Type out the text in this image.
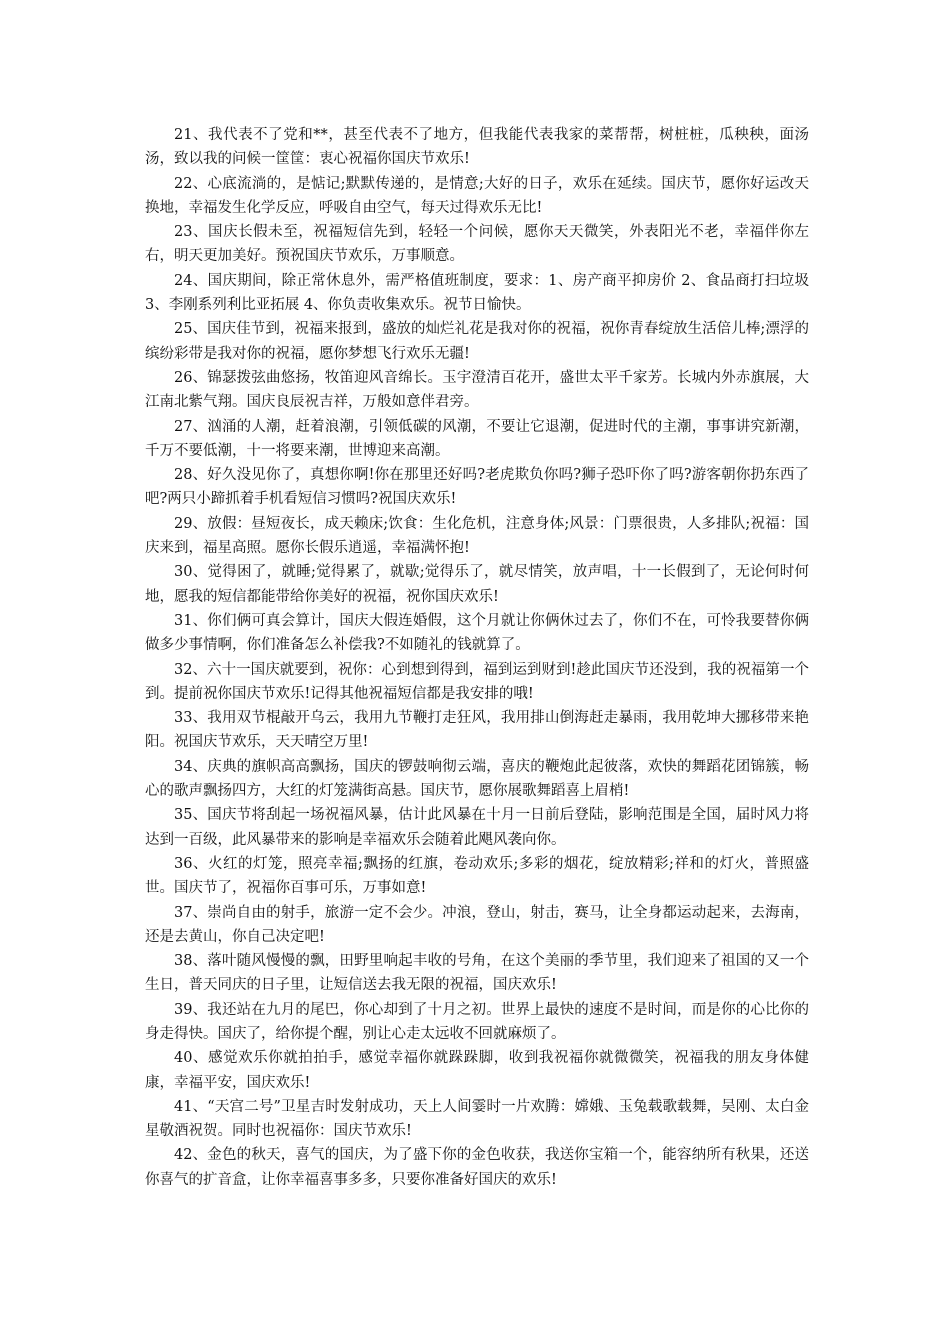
21、我代表不了党和**，甚至代表不了地方，但我能代表我家的菜帮帮，树桩桩，瓜秧秧，面汤汤，致以我的问候一筐筐：衷心祝福你国庆节欢乐!

22、心底流淌的，是惦记;默默传递的，是情意;大好的日子，欢乐在延续。国庆节，愿你好运改天换地，幸福发生化学反应，呼吸自由空气，每天过得欢乐无比!

23、国庆长假未至，祝福短信先到，轻轻一个问候，愿你天天微笑，外表阳光不老，幸福伴你左右，明天更加美好。预祝国庆节欢乐，万事顺意。

24、国庆期间，除正常休息外，需严格值班制度，要求：1、房产商平抑房价 2、食品商打扫垃圾 3、李刚系列利比亚拓展 4、你负责收集欢乐。祝节日愉快。

25、国庆佳节到，祝福来报到，盛放的灿烂礼花是我对你的祝福，祝你青春绽放生活倍儿棒;漂浮的缤纷彩带是我对你的祝福，愿你梦想飞行欢乐无疆!

26、锦瑟拨弦曲悠扬，牧笛迎风音绵长。玉宇澄清百花开，盛世太平千家芳。长城内外赤旗展，大江南北紫气翔。国庆良辰祝吉祥，万般如意伴君旁。

27、汹涌的人潮，赶着浪潮，引领低碳的风潮，不要让它退潮，促进时代的主潮，事事讲究新潮，千万不要低潮，十一将要来潮，世博迎来高潮。

28、好久没见你了，真想你啊!你在那里还好吗?老虎欺负你吗?狮子恐吓你了吗?游客朝你扔东西了吧?两只小蹄抓着手机看短信习惯吗?祝国庆欢乐!

29、放假：昼短夜长，成天赖床;饮食：生化危机，注意身体;风景：门票很贵，人多排队;祝福：国庆来到，福星高照。愿你长假乐逍遥，幸福满怀抱!

30、觉得困了，就睡;觉得累了，就歇;觉得乐了，就尽情笑，放声唱，十一长假到了，无论何时何地，愿我的短信都能带给你美好的祝福，祝你国庆欢乐!

31、你们俩可真会算计，国庆大假连婚假，这个月就让你俩休过去了，你们不在，可怜我要替你俩做多少事情啊，你们准备怎么补偿我?不如随礼的钱就算了。

32、六十一国庆就要到，祝你：心到想到得到，福到运到财到!趁此国庆节还没到，我的祝福第一个到。提前祝你国庆节欢乐!记得其他祝福短信都是我安排的哦!

33、我用双节棍敲开乌云，我用九节鞭打走狂风，我用排山倒海赶走暴雨，我用乾坤大挪移带来艳阳。祝国庆节欢乐，天天晴空万里!

34、庆典的旗帜高高飘扬，国庆的锣鼓响彻云端，喜庆的鞭炮此起彼落，欢快的舞蹈花团锦簇，畅心的歌声飘扬四方，大红的灯笼满街高悬。国庆节，愿你展歌舞蹈喜上眉梢!

35、国庆节将刮起一场祝福风暴，估计此风暴在十月一日前后登陆，影响范围是全国，届时风力将达到一百级，此风暴带来的影响是幸福欢乐会随着此飓风袭向你。

36、火红的灯笼，照亮幸福;飘扬的红旗，卷动欢乐;多彩的烟花，绽放精彩;祥和的灯火，普照盛世。国庆节了，祝福你百事可乐，万事如意!

37、崇尚自由的射手，旅游一定不会少。冲浪，登山，射击，赛马，让全身都运动起来，去海南，还是去黄山，你自己决定吧!

38、落叶随风慢慢的飘，田野里响起丰收的号角，在这个美丽的季节里，我们迎来了祖国的又一个生日，普天同庆的日子里，让短信送去我无限的祝福，国庆欢乐!

39、我还站在九月的尾巴，你心却到了十月之初。世界上最快的速度不是时间，而是你的心比你的身走得快。国庆了，给你提个醒，别让心走太远收不回就麻烦了。

40、感觉欢乐你就拍拍手，感觉幸福你就跺跺脚，收到我祝福你就微微笑，祝福我的朋友身体健康，幸福平安，国庆欢乐!

41、“天宫二号”卫星吉时发射成功，天上人间霎时一片欢腾：嫦娥、玉兔载歌载舞，吴刚、太白金星敬酒祝贺。同时也祝福你：国庆节欢乐!

42、金色的秋天，喜气的国庆，为了盛下你的金色收获，我送你宝箱一个，能容纳所有秋果，还送你喜气的扩音盒，让你幸福喜事多多，只要你准备好国庆的欢乐!
